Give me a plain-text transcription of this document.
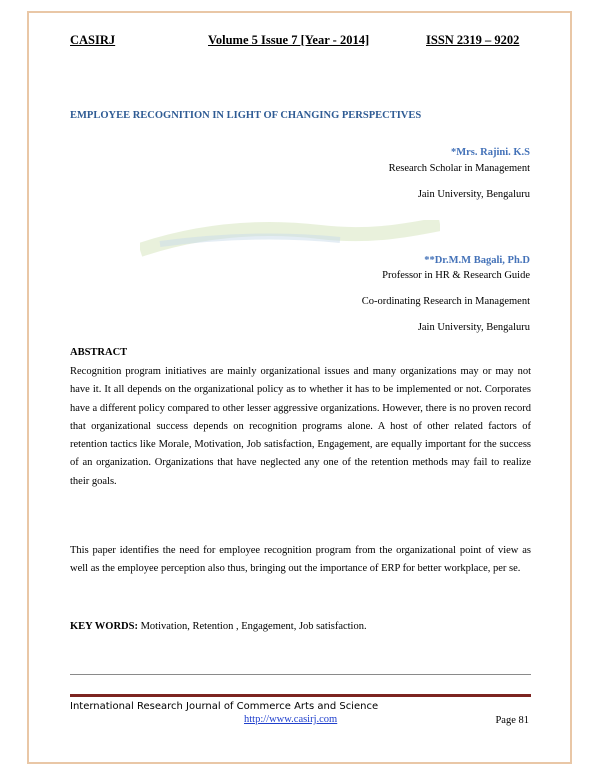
CASIRJ	Volume 5 Issue 7 [Year - 2014]	ISSN 2319 – 9202
EMPLOYEE RECOGNITION IN LIGHT OF CHANGING PERSPECTIVES
*Mrs. Rajini. K.S
Research Scholar in Management
Jain University, Bengaluru
**Dr.M.M Bagali, Ph.D
Professor in HR & Research Guide
Co-ordinating Research in Management
Jain University, Bengaluru
ABSTRACT

Recognition program initiatives are mainly organizational issues and many organizations may or may not have it. It all depends on the organizational policy as to whether it has to be implemented or not. Corporates have a different policy compared to other lesser aggressive organizations. However, there is no proven record that organizational success depends on recognition programs alone. A host of other related factors of retention tactics like Morale, Motivation, Job satisfaction, Engagement, are equally important for the success of an organization. Organizations that have neglected any one of the retention methods may fail to realize their goals.

This paper identifies the need for employee recognition program from the organizational point of view as well as the employee perception also thus, bringing out the importance of ERP for better workplace, per se.

KEY WORDS: Motivation, Retention , Engagement, Job satisfaction.
International Research Journal of Commerce Arts and Science
http://www.casirj.com	Page 81
